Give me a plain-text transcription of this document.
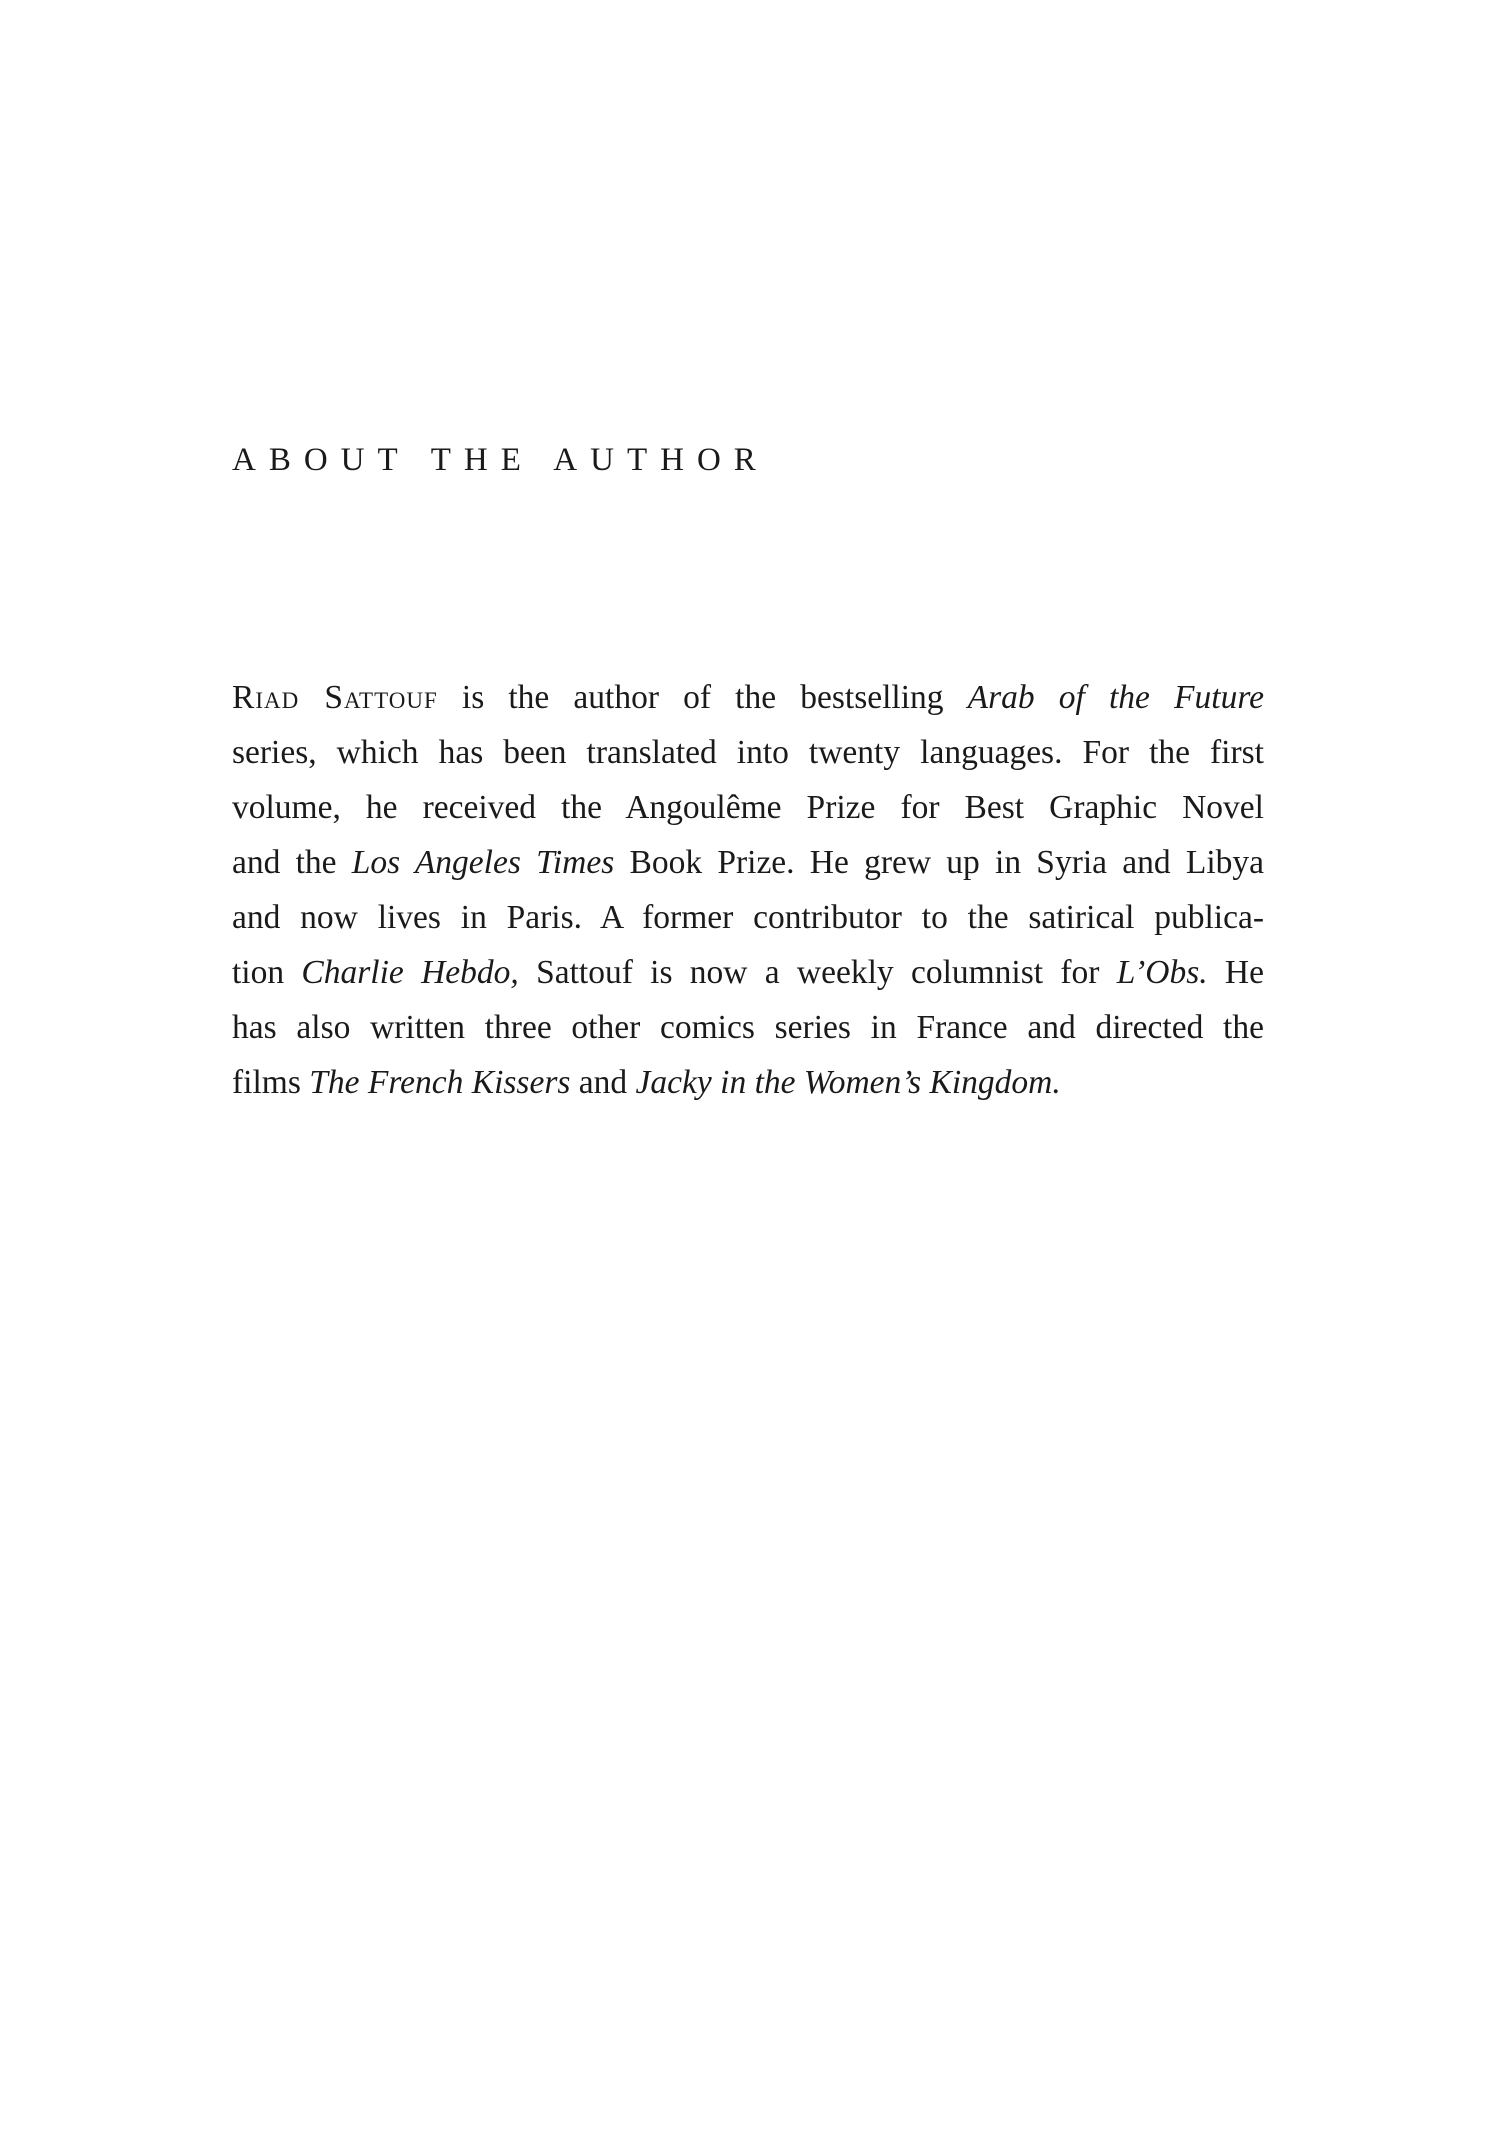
ABOUT THE AUTHOR

Riad Sattouf is the author of the bestselling Arab of the Future
series, which has been translated into twenty languages. For the first
volume, he received the Angoulême Prize for Best Graphic Novel
and the Los Angeles Times Book Prize. He grew up in Syria and Libya
and now lives in Paris. A former contributor to the satirical publica-
tion Charlie Hebdo, Sattouf is now a weekly columnist for L’Obs. He
has also written three other comics series in France and directed the
films The French Kissers and Jacky in the Women’s Kingdom.
